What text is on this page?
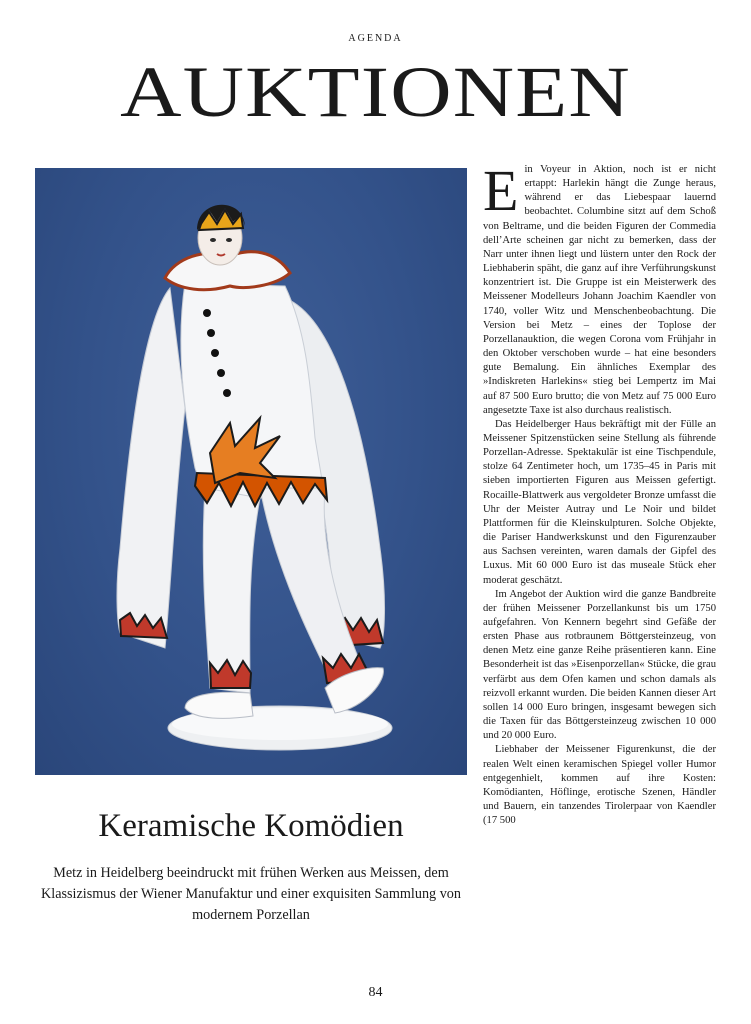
AGENDA
AUKTIONEN
Keramische Komödien

Metz in Heidelberg beeindruckt mit frühen Werken aus Meissen, dem Klassizismus der Wiener Manufaktur und einer exquisiten Sammlung von modernem Porzellan

Ein Voyeur in Aktion, noch ist er nicht ertappt: Harlekin hängt die Zunge heraus, während er das Liebespaar lauernd beobachtet. Columbine sitzt auf dem Schoß von Beltrame, und die beiden Figuren der Commedia dell’Arte scheinen gar nicht zu bemerken, dass der Narr unter ihnen liegt und lüstern unter den Rock der Liebhaberin späht, die ganz auf ihre Verführungskunst konzentriert ist. Die Gruppe ist ein Meisterwerk des Meissener Modelleurs Johann Joachim Kaendler von 1740, voller Witz und Menschenbeobachtung. Die Version bei Metz – eines der Toplose der Porzellanauktion, die wegen Corona vom Frühjahr in den Oktober verschoben wurde – hat eine besonders gute Bemalung. Ein ähnliches Exemplar des »Indiskreten Harlekins« stieg bei Lempertz im Mai auf 87 500 Euro brutto; die von Metz auf 75 000 Euro angesetzte Taxe ist also durchaus realistisch.

Das Heidelberger Haus bekräftigt mit der Fülle an Meissener Spitzenstücken seine Stellung als führende Porzellan-Adresse. Spektakulär ist eine Tischpendule, stolze 64 Zentimeter hoch, um 1735–45 in Paris mit sieben importierten Figuren aus Meissen gefertigt. Rocaille-Blattwerk aus vergoldeter Bronze umfasst die Uhr der Meister Autray und Le Noir und bildet Plattformen für die Kleinskulpturen. Solche Objekte, die Pariser Handwerkskunst und den Figurenzauber aus Sachsen vereinten, waren damals der Gipfel des Luxus. Mit 60 000 Euro ist das museale Stück eher moderat geschätzt.

Im Angebot der Auktion wird die ganze Bandbreite der frühen Meissener Porzellankunst bis um 1750 aufgefahren. Von Kennern begehrt sind Gefäße der ersten Phase aus rotbraunem Böttgersteinzeug, von denen Metz eine ganze Reihe präsentieren kann. Eine Besonderheit ist das »Eisenporzellan« Stücke, die grau verfärbt aus dem Ofen kamen und schon damals als reizvoll erkannt wurden. Die beiden Kannen dieser Art sollen 14 000 Euro bringen, insgesamt bewegen sich die Taxen für das Böttgersteinzeug zwischen 10 000 und 20 000 Euro.

Liebhaber der Meissener Figurenkunst, die der realen Welt einen keramischen Spiegel voller Humor entgegenhielt, kommen auf ihre Kosten: Komödianten, Höflinge, erotische Szenen, Händler und Bauern, ein tanzendes Tirolerpaar von Kaendler (17 500

84
